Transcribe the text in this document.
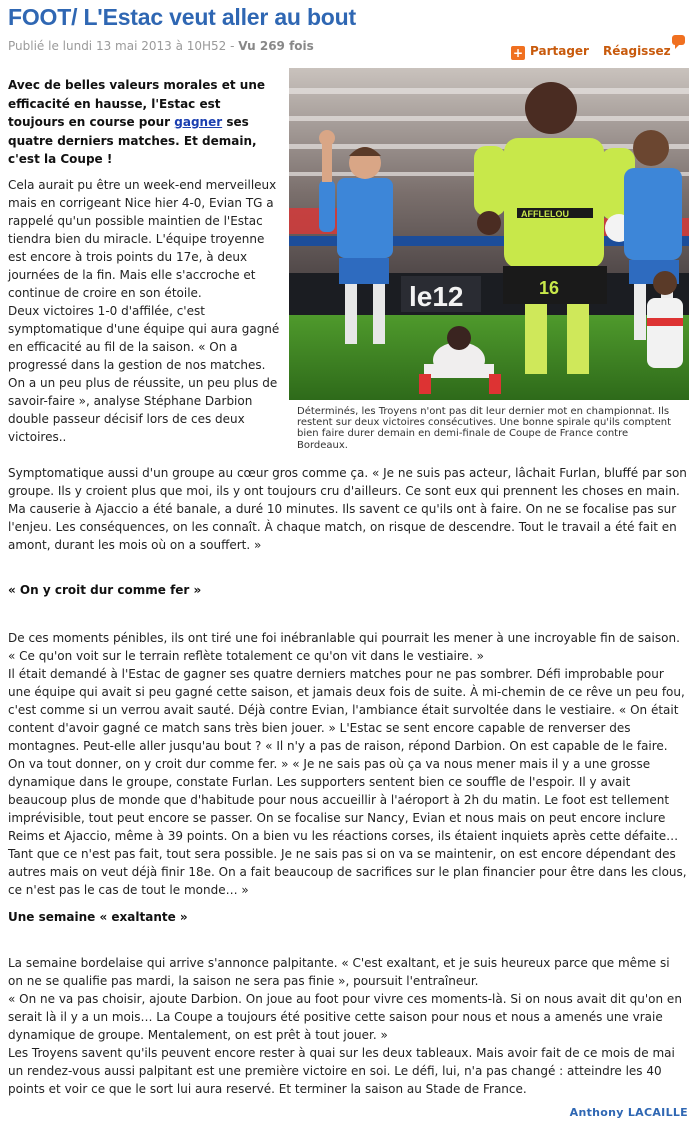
FOOT/ L'Estac veut aller au bout
Publié le lundi 13 mai 2013 à 10H52 - Vu 269 fois	+ Partager Réagissez
Avec de belles valeurs morales et une efficacité en hausse, l'Estac est toujours en course pour gagner ses quatre derniers matches. Et demain, c'est la Coupe !
le12
AFFLELOU
16
Déterminés, les Troyens n'ont pas dit leur dernier mot en championnat. Ils restent sur deux victoires consécutives. Une bonne spirale qu'ils comptent bien faire durer demain en demi-finale de Coupe de France contre Bordeaux.

Cela aurait pu être un week-end merveilleux mais en corrigeant Nice hier 4-0, Evian TG a rappelé qu'un possible maintien de l'Estac tiendra bien du miracle. L'équipe troyenne est encore à trois points du 17e, à deux journées de la fin. Mais elle s'accroche et continue de croire en son étoile.

Deux victoires 1-0 d'affilée, c'est symptomatique d'une équipe qui aura gagné en efficacité au fil de la saison. « On a progressé dans la gestion de nos matches. On a un peu plus de réussite, un peu plus de savoir-faire », analyse Stéphane Darbion double passeur décisif lors de ces deux victoires..

Symptomatique aussi d'un groupe au cœur gros comme ça. « Je ne suis pas acteur, lâchait Furlan, bluffé par son groupe. Ils y croient plus que moi, ils y ont toujours cru d'ailleurs. Ce sont eux qui prennent les choses en main. Ma causerie à Ajaccio a été banale, a duré 10 minutes. Ils savent ce qu'ils ont à faire. On ne se focalise pas sur l'enjeu. Les conséquences, on les connaît. À chaque match, on risque de descendre. Tout le travail a été fait en amont, durant les mois où on a souffert. »
« On y croit dur comme fer »

De ces moments pénibles, ils ont tiré une foi inébranlable qui pourrait les mener à une incroyable fin de saison. « Ce qu'on voit sur le terrain reflète totalement ce qu'on vit dans le vestiaire. »

Il était demandé à l'Estac de gagner ses quatre derniers matches pour ne pas sombrer. Défi improbable pour une équipe qui avait si peu gagné cette saison, et jamais deux fois de suite. À mi-chemin de ce rêve un peu fou, c'est comme si un verrou avait sauté. Déjà contre Evian, l'ambiance était survoltée dans le vestiaire. « On était content d'avoir gagné ce match sans très bien jouer. » L'Estac se sent encore capable de renverser des montagnes. Peut-elle aller jusqu'au bout ? « Il n'y a pas de raison, répond Darbion. On est capable de le faire. On va tout donner, on y croit dur comme fer. » « Je ne sais pas où ça va nous mener mais il y a une grosse dynamique dans le groupe, constate Furlan. Les supporters sentent bien ce souffle de l'espoir. Il y avait beaucoup plus de monde que d'habitude pour nous accueillir à l'aéroport à 2h du matin. Le foot est tellement imprévisible, tout peut encore se passer. On se focalise sur Nancy, Evian et nous mais on peut encore inclure Reims et Ajaccio, même à 39 points. On a bien vu les réactions corses, ils étaient inquiets après cette défaite… Tant que ce n'est pas fait, tout sera possible. Je ne sais pas si on va se maintenir, on est encore dépendant des autres mais on veut déjà finir 18e. On a fait beaucoup de sacrifices sur le plan financier pour être dans les clous, ce n'est pas le cas de tout le monde… »

Une semaine « exaltante »

La semaine bordelaise qui arrive s'annonce palpitante. « C'est exaltant, et je suis heureux parce que même si on ne se qualifie pas mardi, la saison ne sera pas finie », poursuit l'entraîneur.

« On ne va pas choisir, ajoute Darbion. On joue au foot pour vivre ces moments-là. Si on nous avait dit qu'on en serait là il y a un mois… La Coupe a toujours été positive cette saison pour nous et nous a amenés une vraie dynamique de groupe. Mentalement, on est prêt à tout jouer. »

Les Troyens savent qu'ils peuvent encore rester à quai sur les deux tableaux. Mais avoir fait de ce mois de mai un rendez-vous aussi palpitant est une première victoire en soi. Le défi, lui, n'a pas changé : atteindre les 40 points et voir ce que le sort lui aura reservé. Et terminer la saison au Stade de France.

Anthony LACAILLE
